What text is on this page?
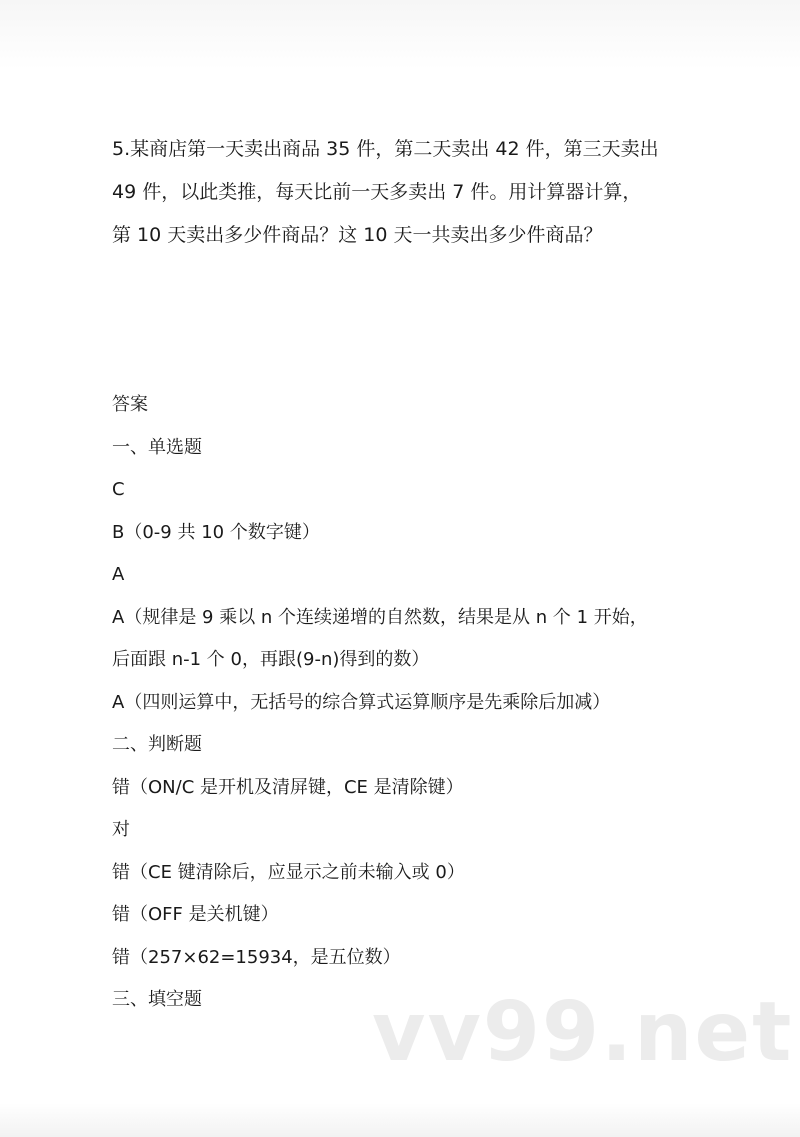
5.某商店第一天卖出商品 35 件，第二天卖出 42 件，第三天卖出
49 件，以此类推，每天比前一天多卖出 7 件。用计算器计算，
第 10 天卖出多少件商品？这 10 天一共卖出多少件商品？
答案
一、单选题
C
B（0-9 共 10 个数字键）
A
A（规律是 9 乘以 n 个连续递增的自然数，结果是从 n 个 1 开始，
后面跟 n-1 个 0，再跟(9-n)得到的数）
A（四则运算中，无括号的综合算式运算顺序是先乘除后加减）
二、判断题
错（ON/C 是开机及清屏键，CE 是清除键）
对
错（CE 键清除后，应显示之前未输入或 0）
错（OFF 是关机键）
错（257×62=15934，是五位数）
三、填空题	vv99.net
